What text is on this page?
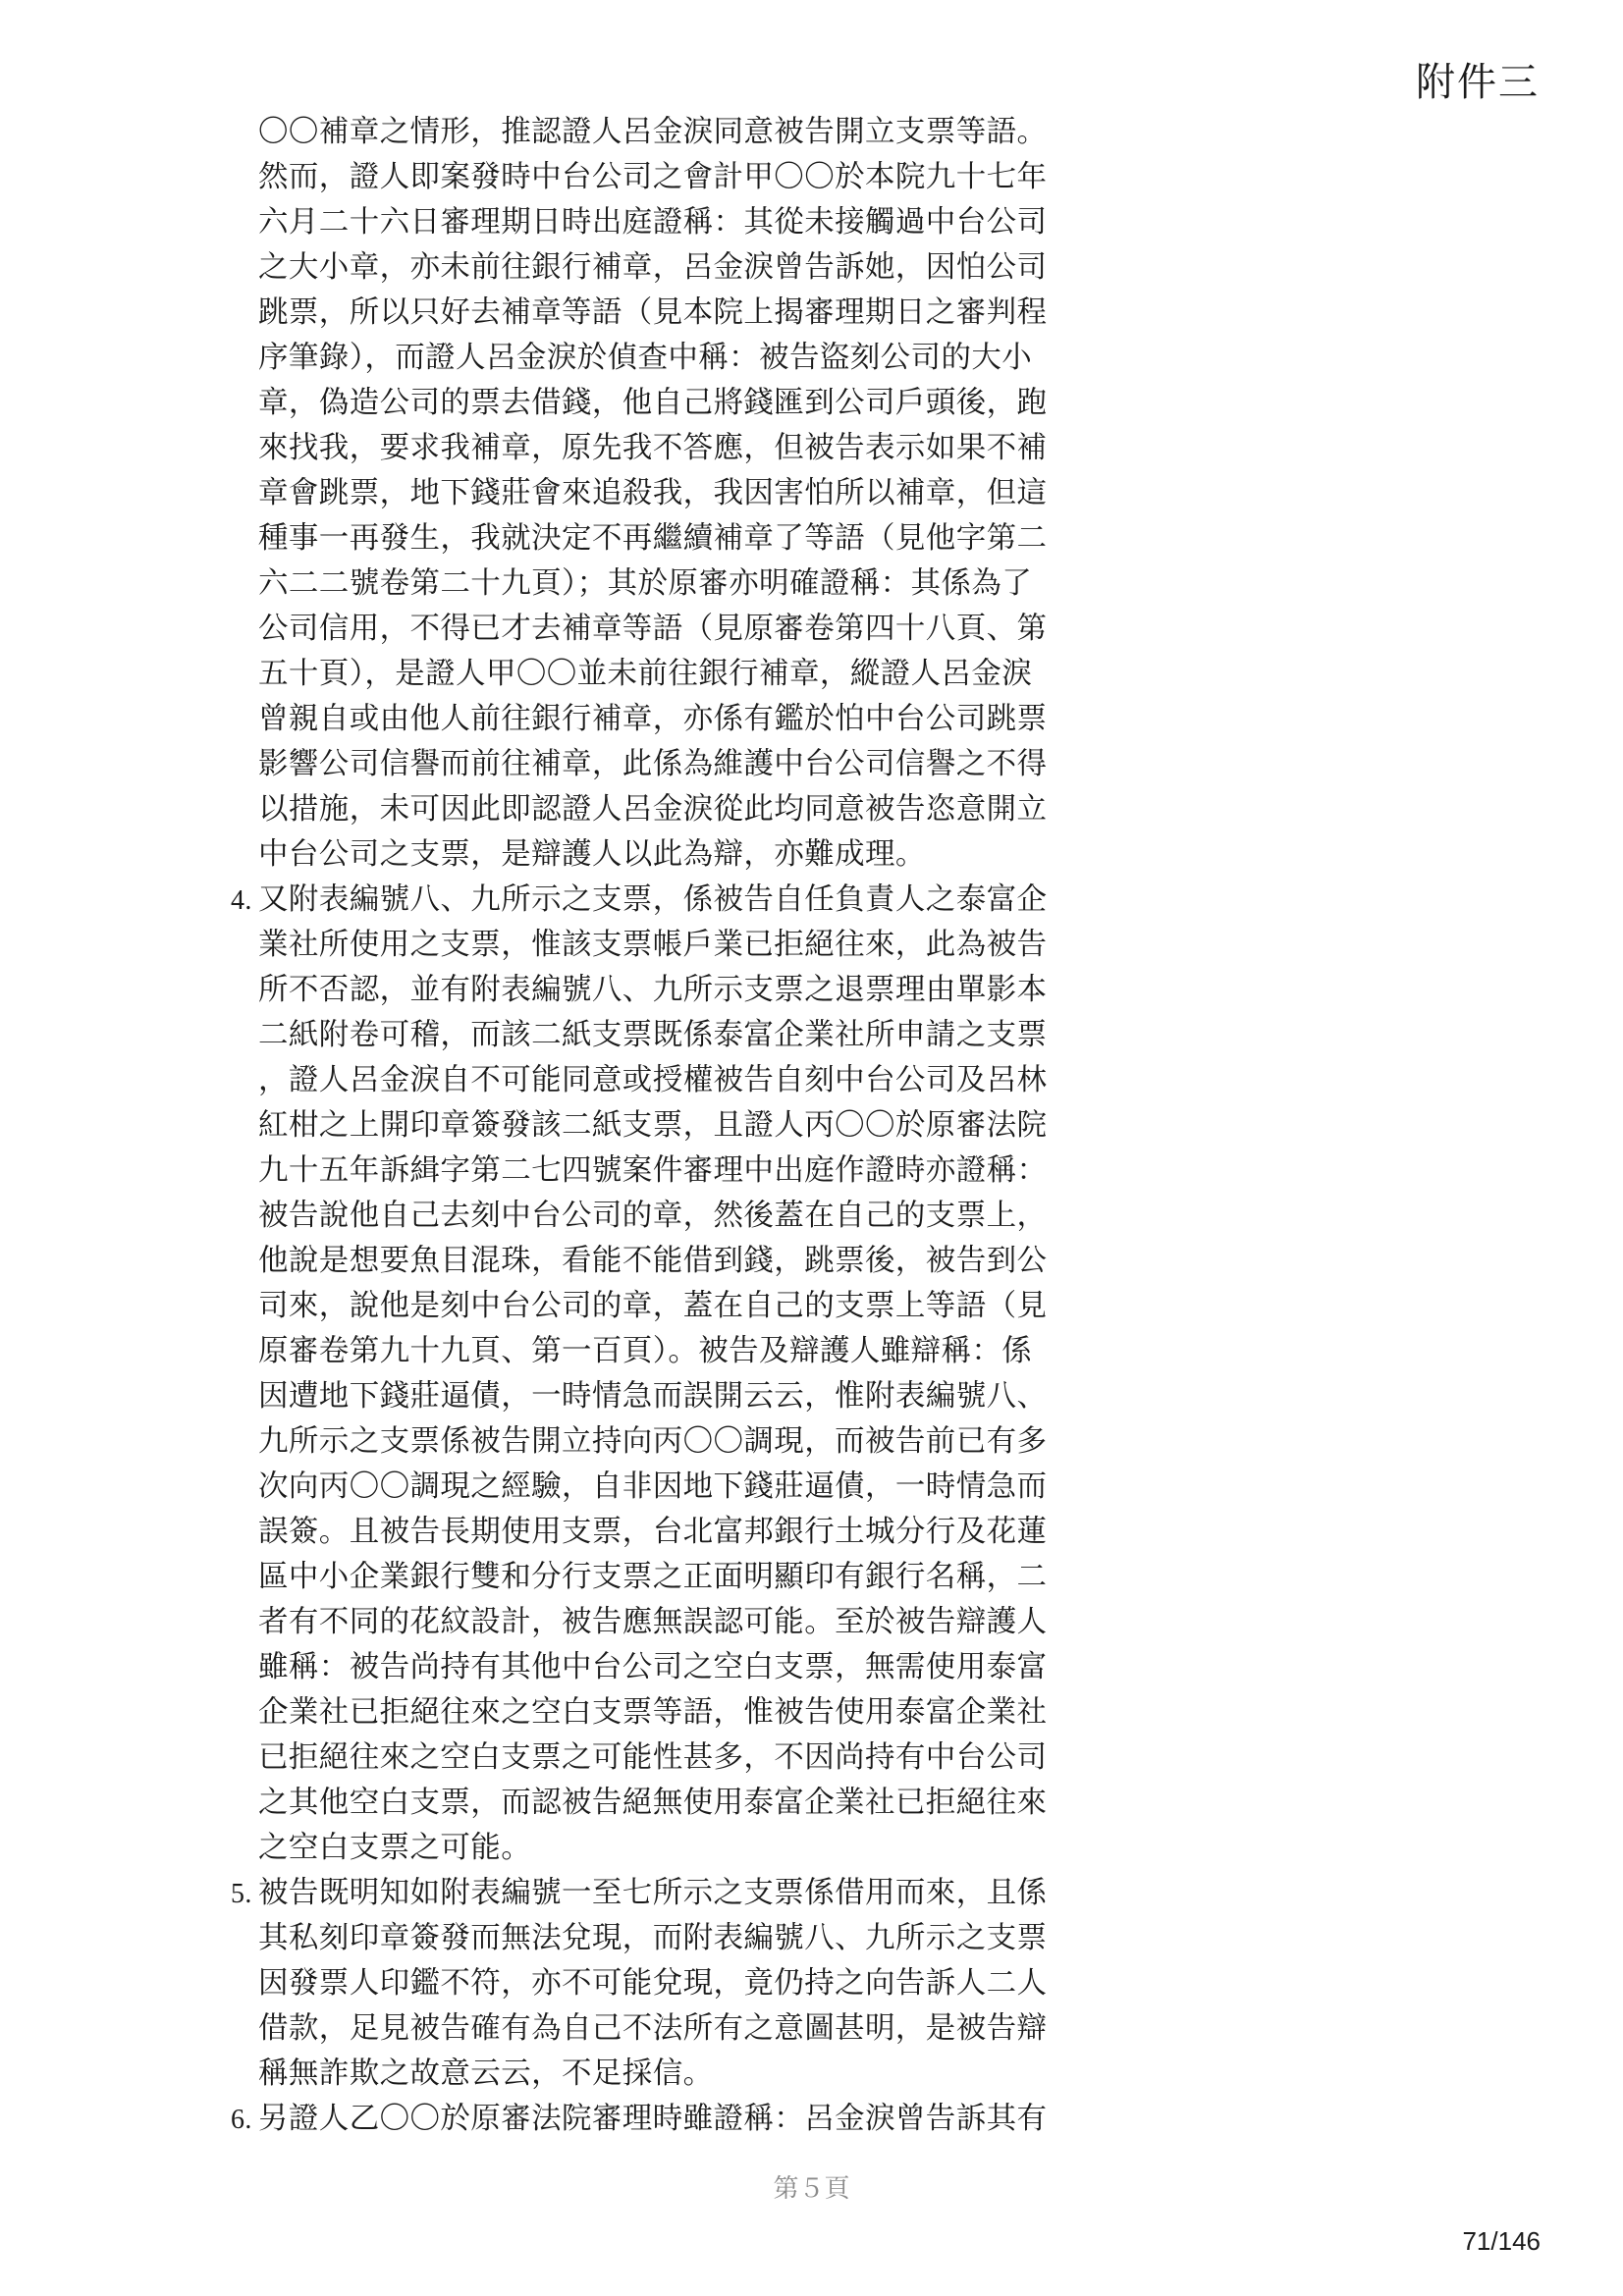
附件三
〇〇補章之情形，推認證人呂金淚同意被告開立支票等語。
然而，證人即案發時中台公司之會計甲〇〇於本院九十七年
六月二十六日審理期日時出庭證稱：其從未接觸過中台公司
之大小章，亦未前往銀行補章，呂金淚曾告訴她，因怕公司
跳票，所以只好去補章等語（見本院上揭審理期日之審判程
序筆錄），而證人呂金淚於偵查中稱：被告盜刻公司的大小
章，偽造公司的票去借錢，他自己將錢匯到公司戶頭後，跑
來找我，要求我補章，原先我不答應，但被告表示如果不補
章會跳票，地下錢莊會來追殺我，我因害怕所以補章，但這
種事一再發生，我就決定不再繼續補章了等語（見他字第二
六二二號卷第二十九頁）；其於原審亦明確證稱：其係為了
公司信用，不得已才去補章等語（見原審卷第四十八頁、第
五十頁），是證人甲〇〇並未前往銀行補章，縱證人呂金淚
曾親自或由他人前往銀行補章，亦係有鑑於怕中台公司跳票
影響公司信譽而前往補章，此係為維護中台公司信譽之不得
以措施，未可因此即認證人呂金淚從此均同意被告恣意開立
中台公司之支票，是辯護人以此為辯，亦難成理。
4. 又附表編號八、九所示之支票，係被告自任負責人之泰富企
業社所使用之支票，惟該支票帳戶業已拒絕往來，此為被告
所不否認，並有附表編號八、九所示支票之退票理由單影本
二紙附卷可稽，而該二紙支票既係泰富企業社所申請之支票
，證人呂金淚自不可能同意或授權被告自刻中台公司及呂林
紅柑之上開印章簽發該二紙支票，且證人丙〇〇於原審法院
九十五年訴緝字第二七四號案件審理中出庭作證時亦證稱：
被告說他自己去刻中台公司的章，然後蓋在自己的支票上，
他說是想要魚目混珠，看能不能借到錢，跳票後，被告到公
司來，說他是刻中台公司的章，蓋在自己的支票上等語（見
原審卷第九十九頁、第一百頁）。被告及辯護人雖辯稱：係
因遭地下錢莊逼債，一時情急而誤開云云，惟附表編號八、
九所示之支票係被告開立持向丙〇〇調現，而被告前已有多
次向丙〇〇調現之經驗，自非因地下錢莊逼債，一時情急而
誤簽。且被告長期使用支票，台北富邦銀行土城分行及花蓮
區中小企業銀行雙和分行支票之正面明顯印有銀行名稱，二
者有不同的花紋設計，被告應無誤認可能。至於被告辯護人
雖稱：被告尚持有其他中台公司之空白支票，無需使用泰富
企業社已拒絕往來之空白支票等語，惟被告使用泰富企業社
已拒絕往來之空白支票之可能性甚多，不因尚持有中台公司
之其他空白支票，而認被告絕無使用泰富企業社已拒絕往來
之空白支票之可能。
5. 被告既明知如附表編號一至七所示之支票係借用而來，且係
其私刻印章簽發而無法兌現，而附表編號八、九所示之支票
因發票人印鑑不符，亦不可能兌現，竟仍持之向告訴人二人
借款，足見被告確有為自己不法所有之意圖甚明，是被告辯
稱無詐欺之故意云云，不足採信。
6. 另證人乙〇〇於原審法院審理時雖證稱：呂金淚曾告訴其有
第５頁
71/146
